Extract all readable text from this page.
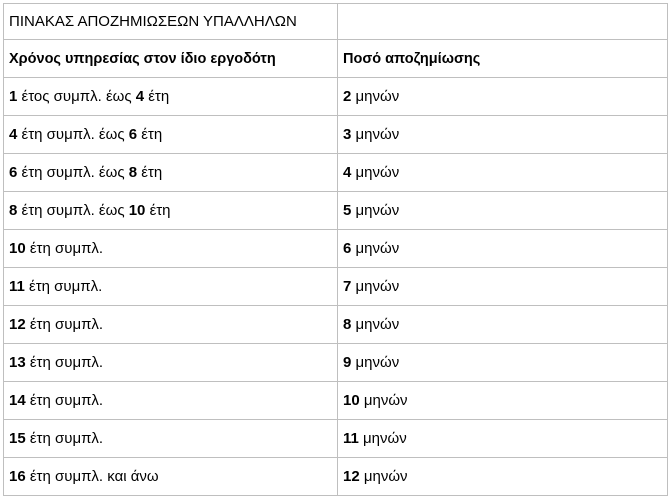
ΠΙΝΑΚΑΣ ΑΠΟΖΗΜΙΩΣΕΩΝ ΥΠΑΛΛΗΛΩΝ	
Χρόνος υπηρεσίας στον ίδιο εργοδότη	Ποσό αποζημίωσης
1 έτος συμπλ. έως 4 έτη	2 μηνών
4 έτη συμπλ. έως 6 έτη	3 μηνών
6 έτη συμπλ. έως 8 έτη	4 μηνών
8 έτη συμπλ. έως 10 έτη	5 μηνών
10 έτη συμπλ.	6 μηνών
11 έτη συμπλ.	7 μηνών
12 έτη συμπλ.	8 μηνών
13 έτη συμπλ.	9 μηνών
14 έτη συμπλ.	10 μηνών
15 έτη συμπλ.	11 μηνών
16 έτη συμπλ. και άνω	12 μηνών
